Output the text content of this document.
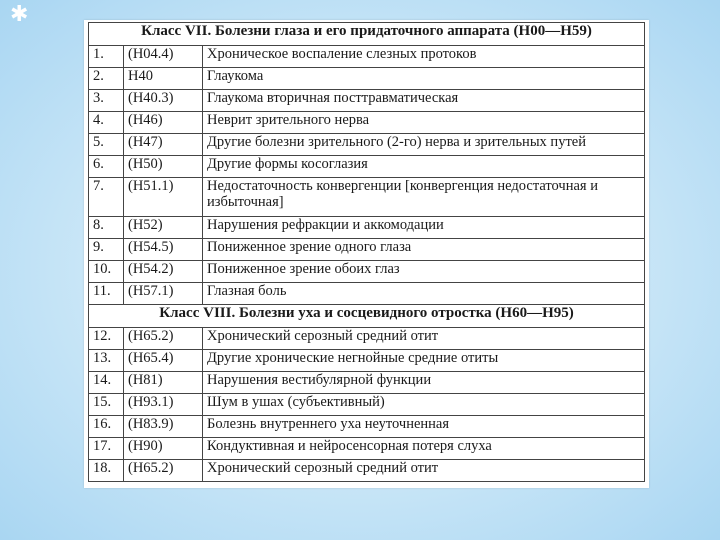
✱
Класс VII. Болезни глаза и его придаточного аппарата (H00—H59)		
1.	(H04.4)	Хроническое воспаление слезных протоков
2.	H40	Глаукома
3.	(H40.3)	Глаукома вторичная посттравматическая
4.	(H46)	Неврит зрительного нерва
5.	(H47)	Другие болезни зрительного (2-го) нерва и зрительных путей
6.	(H50)	Другие формы косоглазия
7.	(H51.1)	Недостаточность конвергенции [конвергенция недостаточная и избыточная]
8.	(H52)	Нарушения рефракции и аккомодации
9.	(H54.5)	Пониженное зрение одного глаза
10.	(H54.2)	Пониженное зрение обоих глаз
11.	(H57.1)	Глазная боль
Класс VIII. Болезни уха и сосцевидного отростка (H60—H95)		
12.	(H65.2)	Хронический серозный средний отит
13.	(H65.4)	Другие хронические негнойные средние отиты
14.	(H81)	Нарушения вестибулярной функции
15.	(H93.1)	Шум в ушах (субъективный)
16.	(H83.9)	Болезнь внутреннего уха неуточненная
17.	(H90)	Кондуктивная и нейросенсорная потеря слуха
18.	(H65.2)	Хронический серозный средний отит
